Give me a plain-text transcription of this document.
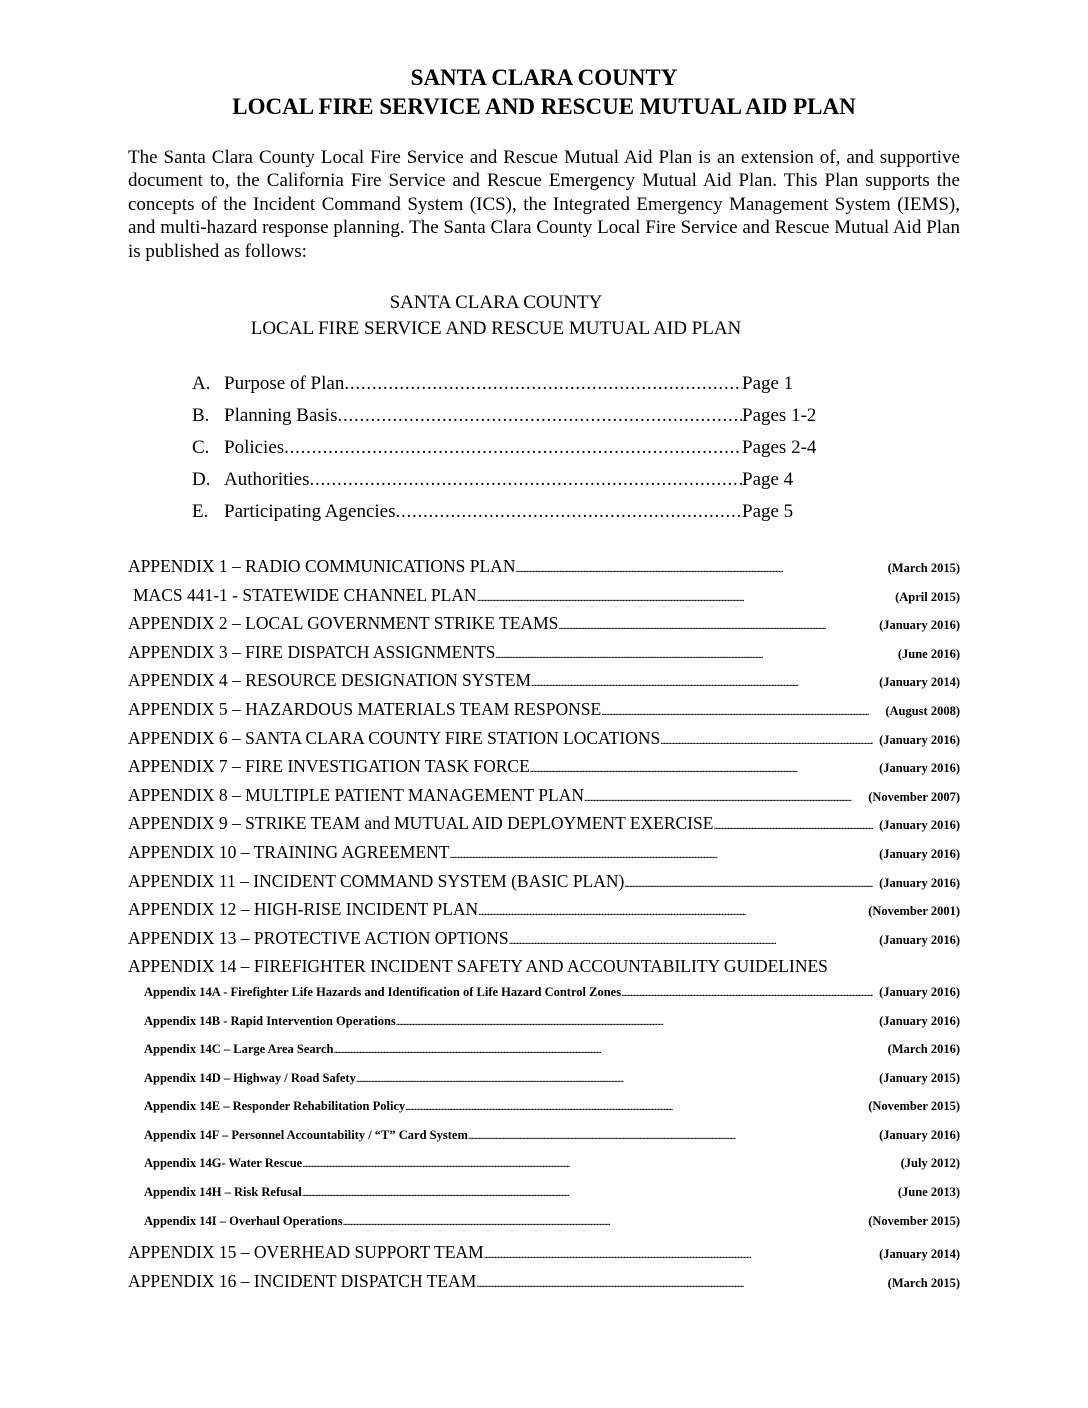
SANTA CLARA COUNTY
LOCAL FIRE SERVICE AND RESCUE MUTUAL AID PLAN

The Santa Clara County Local Fire Service and Rescue Mutual Aid Plan is an extension of, and supportive document to, the California Fire Service and Rescue Emergency Mutual Aid Plan. This Plan supports the concepts of the Incident Command System (ICS), the Integrated Emergency Management System (IEMS), and multi-hazard response planning. The Santa Clara County Local Fire Service and Rescue Mutual Aid Plan is published as follows:

SANTA CLARA COUNTY
LOCAL FIRE SERVICE AND RESCUE MUTUAL AID PLAN
A. Purpose of Plan . . .	Page 1
B. Planning Basis . . .	Pages 1-2
C. Policies . . .	Pages 2-4
D. Authorities . . .	Page 4
E. Participating Agencies . . .	Page 5
APPENDIX 1 – RADIO COMMUNICATIONS PLAN . . .	(March 2015)
MACS 441-1 - STATEWIDE CHANNEL PLAN . . .	(April 2015)
APPENDIX 2 – LOCAL GOVERNMENT STRIKE TEAMS . . .	(January 2016)
APPENDIX 3 – FIRE DISPATCH ASSIGNMENTS . . .	(June 2016)
APPENDIX 4 – RESOURCE DESIGNATION SYSTEM . . .	(January 2014)
APPENDIX 5 – HAZARDOUS MATERIALS TEAM RESPONSE . . .	(August 2008)
APPENDIX 6 – SANTA CLARA COUNTY FIRE STATION LOCATIONS . . .	(January 2016)
APPENDIX 7 – FIRE INVESTIGATION TASK FORCE . . .	(January 2016)
APPENDIX 8 – MULTIPLE PATIENT MANAGEMENT PLAN . . .	(November 2007)
APPENDIX 9 – STRIKE TEAM and MUTUAL AID DEPLOYMENT EXERCISE . . .	(January 2016)
APPENDIX 10 – TRAINING AGREEMENT . . .	(January 2016)
APPENDIX 11 – INCIDENT COMMAND SYSTEM (BASIC PLAN) . . .	(January 2016)
APPENDIX 12 – HIGH-RISE INCIDENT PLAN . . .	(November 2001)
APPENDIX 13 – PROTECTIVE ACTION OPTIONS . . .	(January 2016)
APPENDIX 14 – FIREFIGHTER INCIDENT SAFETY AND ACCOUNTABILITY GUIDELINES
Appendix 14A - Firefighter Life Hazards and Identification of Life Hazard Control Zones . . .	(January 2016)
Appendix 14B - Rapid Intervention Operations . . .	(January 2016)
Appendix 14C – Large Area Search . . .	(March 2016)
Appendix 14D – Highway / Road Safety . . .	(January 2015)
Appendix 14E – Responder Rehabilitation Policy . . .	(November 2015)
Appendix 14F – Personnel Accountability / “T” Card System . . .	(January 2016)
Appendix 14G- Water Rescue . . .	(July 2012)
Appendix 14H – Risk Refusal . . .	(June 2013)
Appendix 14I – Overhaul Operations . . .	(November 2015)
APPENDIX 15 – OVERHEAD SUPPORT TEAM . . .	(January 2014)
APPENDIX 16 – INCIDENT DISPATCH TEAM . . .	(March 2015)
